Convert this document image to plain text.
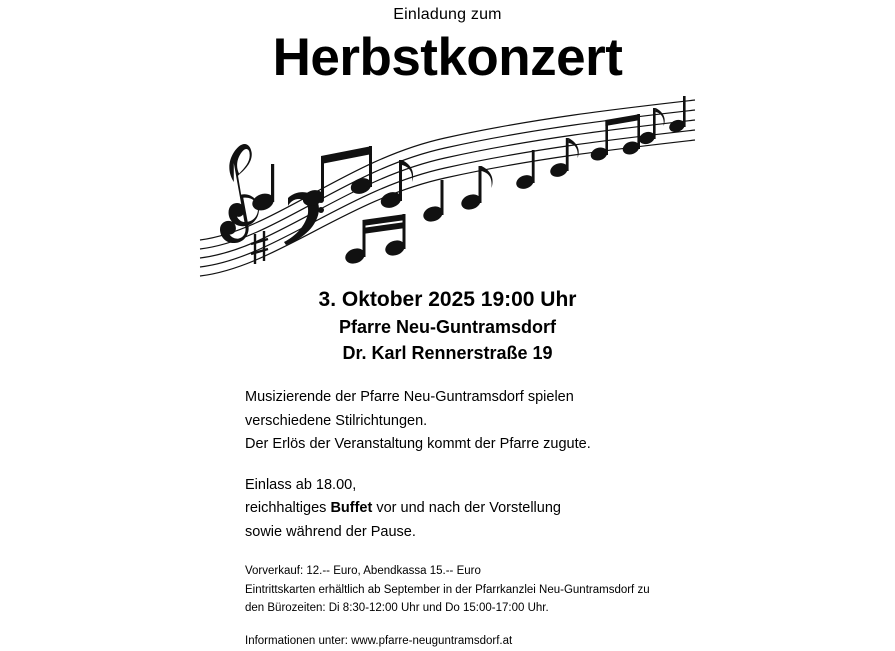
Einladung zum
Herbstkonzert
3. Oktober 2025 19:00 Uhr
Pfarre Neu-Guntramsdorf
Dr. Karl Rennerstraße 19

Musizierende der Pfarre Neu-Guntramsdorf spielen

verschiedene Stilrichtungen.

Der Erlös der Veranstaltung kommt der Pfarre zugute.

Einlass ab 18.00,

reichhaltiges Buffet vor und nach der Vorstellung

sowie während der Pause.

Vorverkauf: 12.-- Euro, Abendkassa 15.-- Euro

Eintrittskarten erhältlich ab September in der Pfarrkanzlei Neu-Guntramsdorf zu

den Bürozeiten: Di 8:30-12:00 Uhr und Do 15:00-17:00 Uhr.

Informationen unter: www.pfarre-neuguntramsdorf.at
